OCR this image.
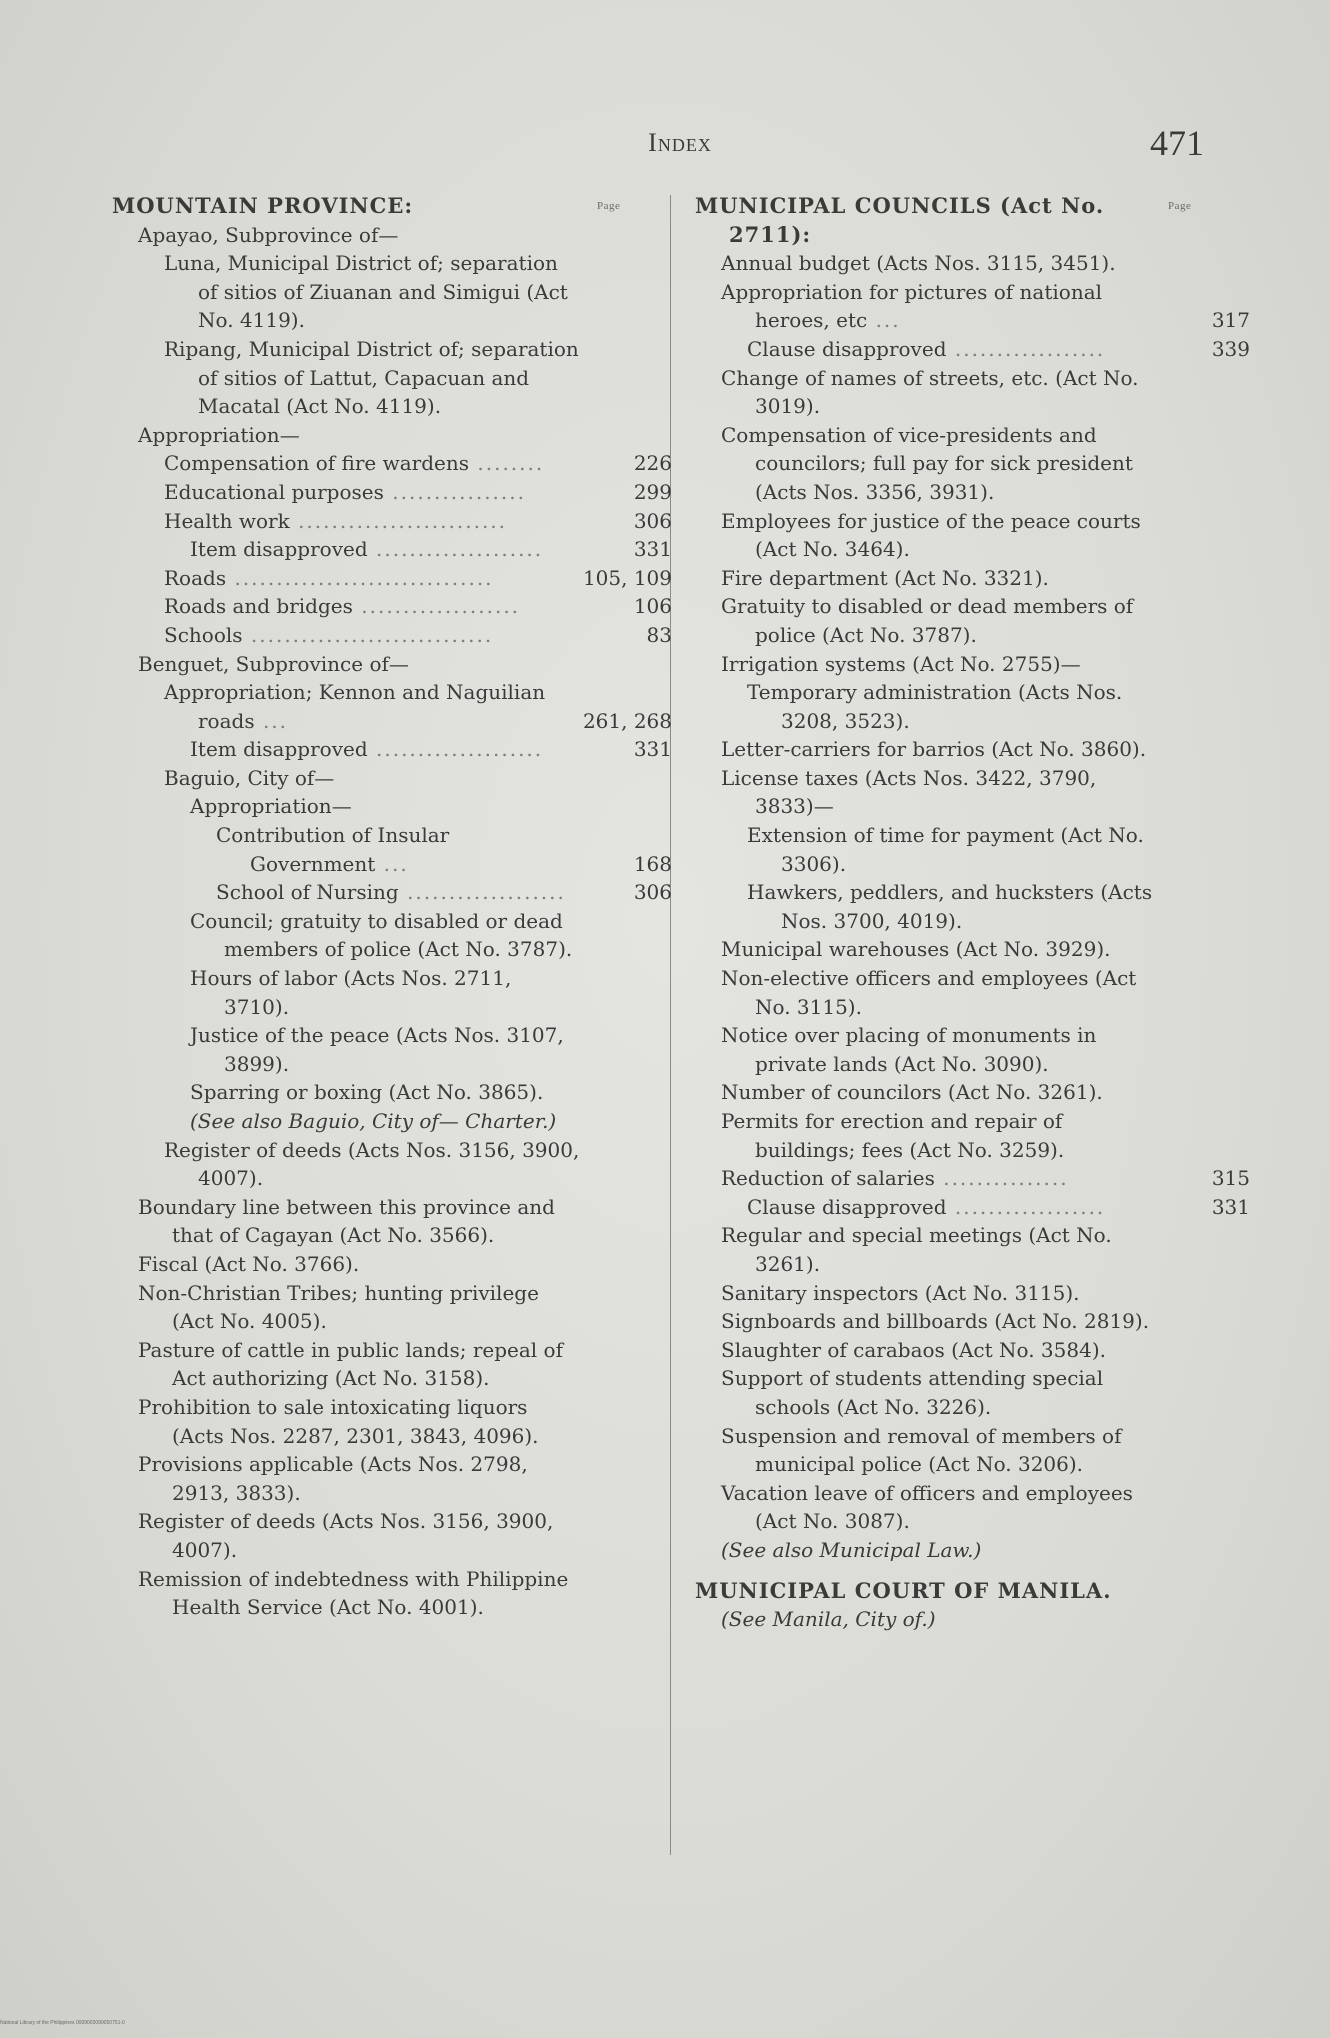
Index	471
Page	Page
MOUNTAIN PROVINCE:
Apayao, Subprovince of—
Luna, Municipal District of; separation of sitios of Ziuanan and Simigui (Act No. 4119).
Ripang, Municipal District of; separation of sitios of Lattut, Capacuan and Macatal (Act No. 4119).
Appropriation—
Compensation of fire wardens ........	226
Educational purposes ................	299
Health work .........................	306
Item disapproved ....................	331
Roads ...............................	105, 109
Roads and bridges ...................	106
Schools .............................	83
Benguet, Subprovince of—
Appropriation; Kennon and Naguilian roads ...	261, 268
Item disapproved ....................	331
Baguio, City of—
Appropriation—
Contribution of Insular Government ...	168
School of Nursing ...................	306
Council; gratuity to disabled or dead members of police (Act No. 3787).
Hours of labor (Acts Nos. 2711, 3710).
Justice of the peace (Acts Nos. 3107, 3899).
Sparring or boxing (Act No. 3865).
(See also Baguio, City of— Charter.)
Register of deeds (Acts Nos. 3156, 3900, 4007).
Boundary line between this province and that of Cagayan (Act No. 3566).
Fiscal (Act No. 3766).
Non-Christian Tribes; hunting privilege (Act No. 4005).
Pasture of cattle in public lands; repeal of Act authorizing (Act No. 3158).
Prohibition to sale intoxicating liquors (Acts Nos. 2287, 2301, 3843, 4096).
Provisions applicable (Acts Nos. 2798, 2913, 3833).
Register of deeds (Acts Nos. 3156, 3900, 4007).
Remission of indebtedness with Philippine Health Service (Act No. 4001).
MUNICIPAL COUNCILS (Act No. 2711):
Annual budget (Acts Nos. 3115, 3451).
Appropriation for pictures of national heroes, etc ...	317
Clause disapproved ..................	339
Change of names of streets, etc. (Act No. 3019).
Compensation of vice-presidents and councilors; full pay for sick president (Acts Nos. 3356, 3931).
Employees for justice of the peace courts (Act No. 3464).
Fire department (Act No. 3321).
Gratuity to disabled or dead members of police (Act No. 3787).
Irrigation systems (Act No. 2755)—
Temporary administration (Acts Nos. 3208, 3523).
Letter-carriers for barrios (Act No. 3860).
License taxes (Acts Nos. 3422, 3790, 3833)—
Extension of time for payment (Act No. 3306).
Hawkers, peddlers, and hucksters (Acts Nos. 3700, 4019).
Municipal warehouses (Act No. 3929).
Non-elective officers and employees (Act No. 3115).
Notice over placing of monuments in private lands (Act No. 3090).
Number of councilors (Act No. 3261).
Permits for erection and repair of buildings; fees (Act No. 3259).
Reduction of salaries ...............	315
Clause disapproved ..................	331
Regular and special meetings (Act No. 3261).
Sanitary inspectors (Act No. 3115).
Signboards and billboards (Act No. 2819).
Slaughter of carabaos (Act No. 3584).
Support of students attending special schools (Act No. 3226).
Suspension and removal of members of municipal police (Act No. 3206).
Vacation leave of officers and employees (Act No. 3087).
(See also Municipal Law.)
MUNICIPAL COURT OF MANILA.
(See Manila, City of.)
National Library of the Philippines 0009003090050751-0
